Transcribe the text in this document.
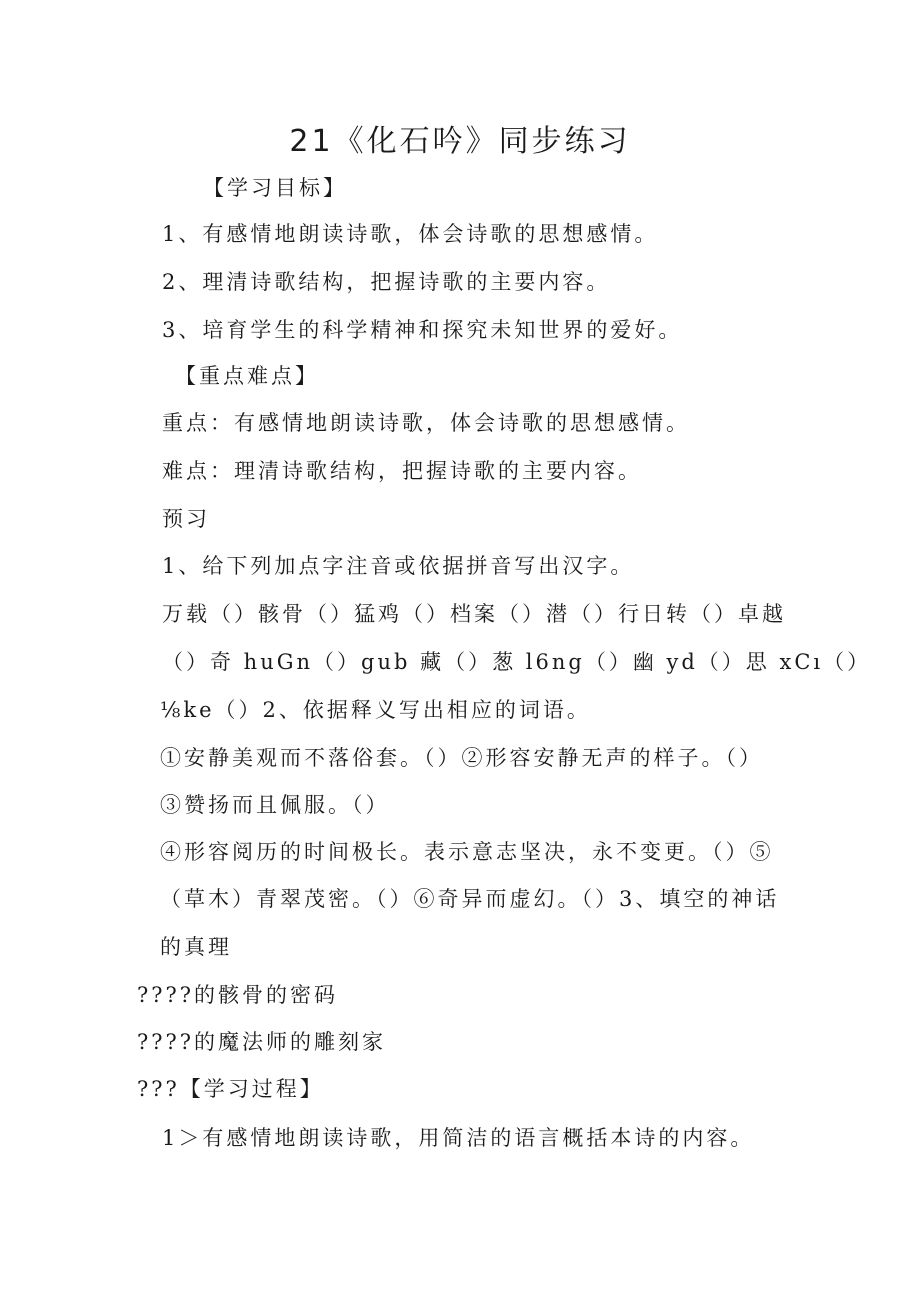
21《化石吟》同步练习
【学习目标】
1、有感情地朗读诗歌，体会诗歌的思想感情。
2、理清诗歌结构，把握诗歌的主要内容。
3、培育学生的科学精神和探究未知世界的爱好。
【重点难点】
重点：有感情地朗读诗歌，体会诗歌的思想感情。
难点：理清诗歌结构，把握诗歌的主要内容。
预习
1、给下列加点字注音或依据拼音写出汉字。
万载（）骸骨（）猛鸡（）档案（）潜（）行日转（）卓越
（）奇 huGn（）gub 藏（）葱 l6ng（）幽 yd（）思 xCı（）
⅛ke（）2、依据释义写出相应的词语。
①安静美观而不落俗套。（）②形容安静无声的样子。（）
③赞扬而且佩服。（）
④形容阅历的时间极长。表示意志坚决，永不变更。（）⑤
（草木）青翠茂密。（）⑥奇异而虚幻。（）3、填空的神话
的真理
????的骸骨的密码
????的魔法师的雕刻家
???【学习过程】
1＞有感情地朗读诗歌，用简洁的语言概括本诗的内容。
